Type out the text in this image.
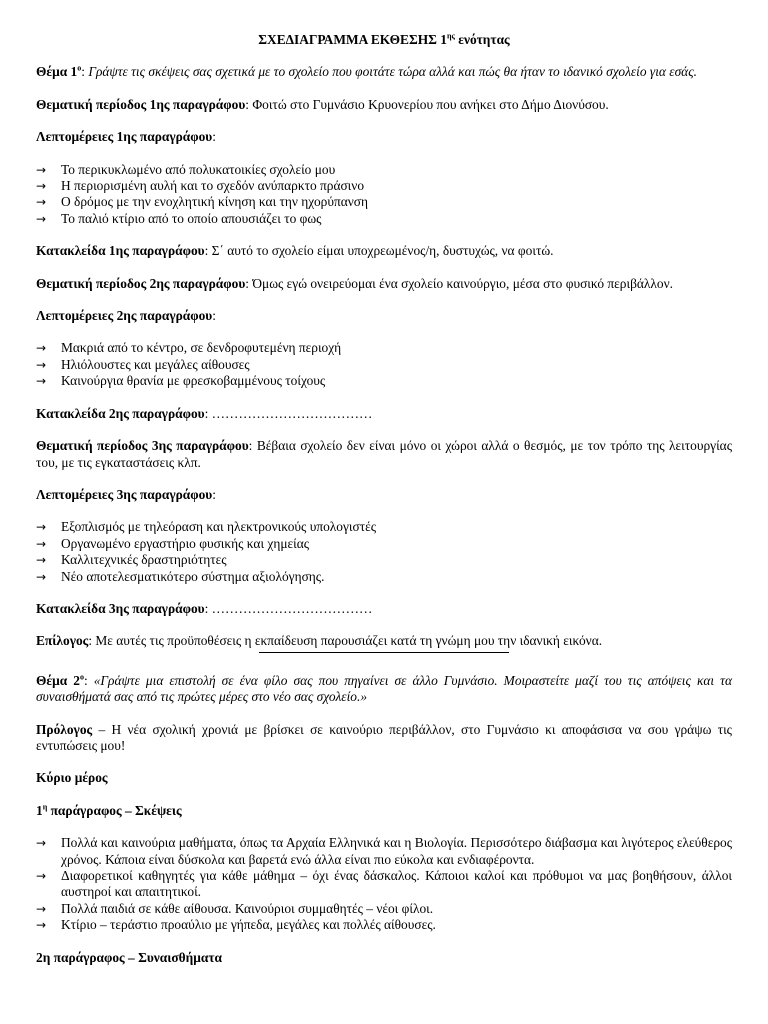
ΣΧΕΔΙΑΓΡΑΜΜΑ ΕΚΘΕΣΗΣ $1^{\eta\varsigma}$ ενότητας

Θέμα $1^o$: Γράψτε τις σκέψεις σας σχετικά με το σχολείο που φοιτάτε τώρα αλλά και πώς θα ήταν το ιδανικό σχολείο για εσάς.

Θεματική περίοδος 1ης παραγράφου: Φοιτώ στο Γυμνάσιο Κρυονερίου που ανήκει στο Δήμο Διονύσου.

Λεπτομέρειες 1ης παραγράφου:

→	Το περικυκλωμένο από πολυκατοικίες σχολείο μου
→	Η περιορισμένη αυλή και το σχεδόν ανύπαρκτο πράσινο
→	Ο δρόμος με την ενοχλητική κίνηση και την ηχορύπανση
→	Το παλιό κτίριο από το οποίο απουσιάζει το φως

Κατακλείδα 1ης παραγράφου: Σ΄ αυτό το σχολείο είμαι υποχρεωμένος/η, δυστυχώς, να φοιτώ.

Θεματική περίοδος 2ης παραγράφου: Όμως εγώ ονειρεύομαι ένα σχολείο καινούργιο, μέσα στο φυσικό περιβάλλον.

Λεπτομέρειες 2ης παραγράφου:

→	Μακριά από το κέντρο, σε δενδροφυτεμένη περιοχή
→	Ηλιόλουστες και μεγάλες αίθουσες
→	Καινούργια θρανία με φρεσκοβαμμένους τοίχους

Κατακλείδα 2ης παραγράφου: ………………………………

Θεματική περίοδος 3ης παραγράφου: Βέβαια σχολείο δεν είναι μόνο οι χώροι αλλά ο θεσμός, με τον τρόπο της λειτουργίας του, με τις εγκαταστάσεις κλπ.

Λεπτομέρειες 3ης παραγράφου:

→	Εξοπλισμός με τηλεόραση και ηλεκτρονικούς υπολογιστές
→	Οργανωμένο εργαστήριο φυσικής και χημείας
→	Καλλιτεχνικές δραστηριότητες
→	Νέο αποτελεσματικότερο σύστημα αξιολόγησης.

Κατακλείδα 3ης παραγράφου: ………………………………

Επίλογος: Με αυτές τις προϋποθέσεις η εκπαίδευση παρουσιάζει κατά τη γνώμη μου την ιδανική εικόνα.

Θέμα $2^o$: «Γράψτε μια επιστολή σε ένα φίλο σας που πηγαίνει σε άλλο Γυμνάσιο. Μοιραστείτε μαζί του τις απόψεις και τα συναισθήματά σας από τις πρώτες μέρες στο νέο σας σχολείο.»

Πρόλογος – Η νέα σχολική χρονιά με βρίσκει σε καινούριο περιβάλλον, στο Γυμνάσιο κι αποφάσισα να σου γράψω τις εντυπώσεις μου!

Κύριο μέρος

$1^\eta$ παράγραφος – Σκέψεις

→	Πολλά και καινούρια μαθήματα, όπως τα Αρχαία Ελληνικά και η Βιολογία. Περισσότερο διάβασμα και λιγότερος ελεύθερος χρόνος. Κάποια είναι δύσκολα και βαρετά ενώ άλλα είναι πιο εύκολα και ενδιαφέροντα.
→	Διαφορετικοί καθηγητές για κάθε μάθημα – όχι ένας δάσκαλος. Κάποιοι καλοί και πρόθυμοι να μας βοηθήσουν, άλλοι αυστηροί και απαιτητικοί.
→	Πολλά παιδιά σε κάθε αίθουσα. Καινούριοι συμμαθητές – νέοι φίλοι.
→	Κτίριο – τεράστιο προαύλιο με γήπεδα, μεγάλες και πολλές αίθουσες.

2η παράγραφος – Συναισθήματα
